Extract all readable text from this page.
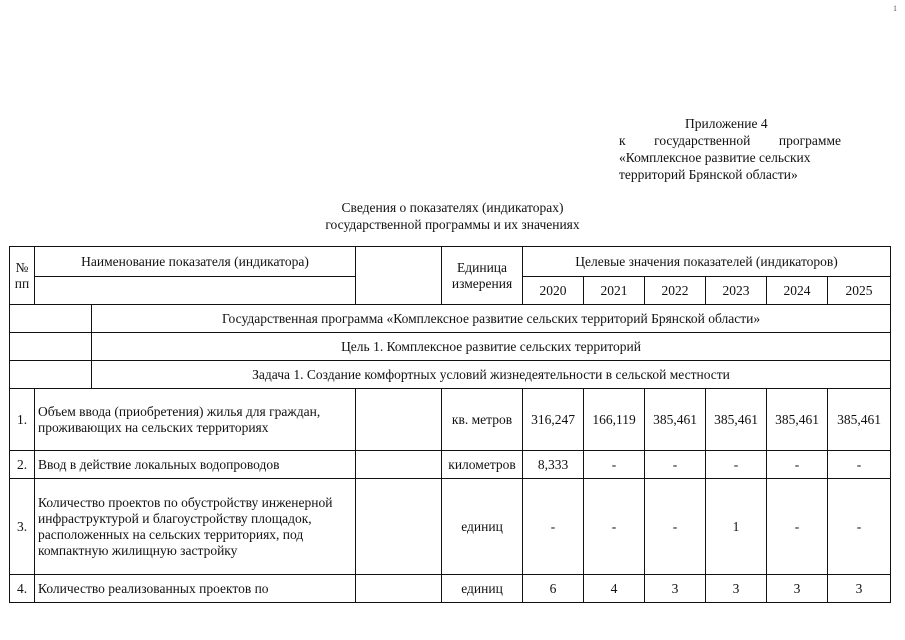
1
Приложение 4
к государственной программе
«Комплексное развитие сельских
территорий Брянской области»
Сведения о показателях (индикаторах)
государственной программы и их значениях
№ пп	Наименование показателя (индикатора)			Единица измерения	Целевые значения показателей (индикаторов)					
					2020	2021	2022	2023	2024	2025
		Государственная программа «Комплексное развитие сельских территорий Брянской области»								
		Цель 1. Комплексное развитие сельских территорий								
		Задача 1. Создание комфортных условий жизнедеятельности в сельской местности								
1.	Объем ввода (приобретения) жилья для граждан, проживающих на сельских территориях			кв. метров	316,247	166,119	385,461	385,461	385,461	385,461
2.	Ввод в действие локальных водопроводов			километров	8,333	-	-	-	-	-
3.	Количество проектов по обустройству инженерной инфраструктурой и благоустройству площадок, расположенных на сельских территориях, под компактную жилищную застройку			единиц	-	-	-	1	-	-
4.	Количество реализованных проектов по			единиц	6	4	3	3	3	3
